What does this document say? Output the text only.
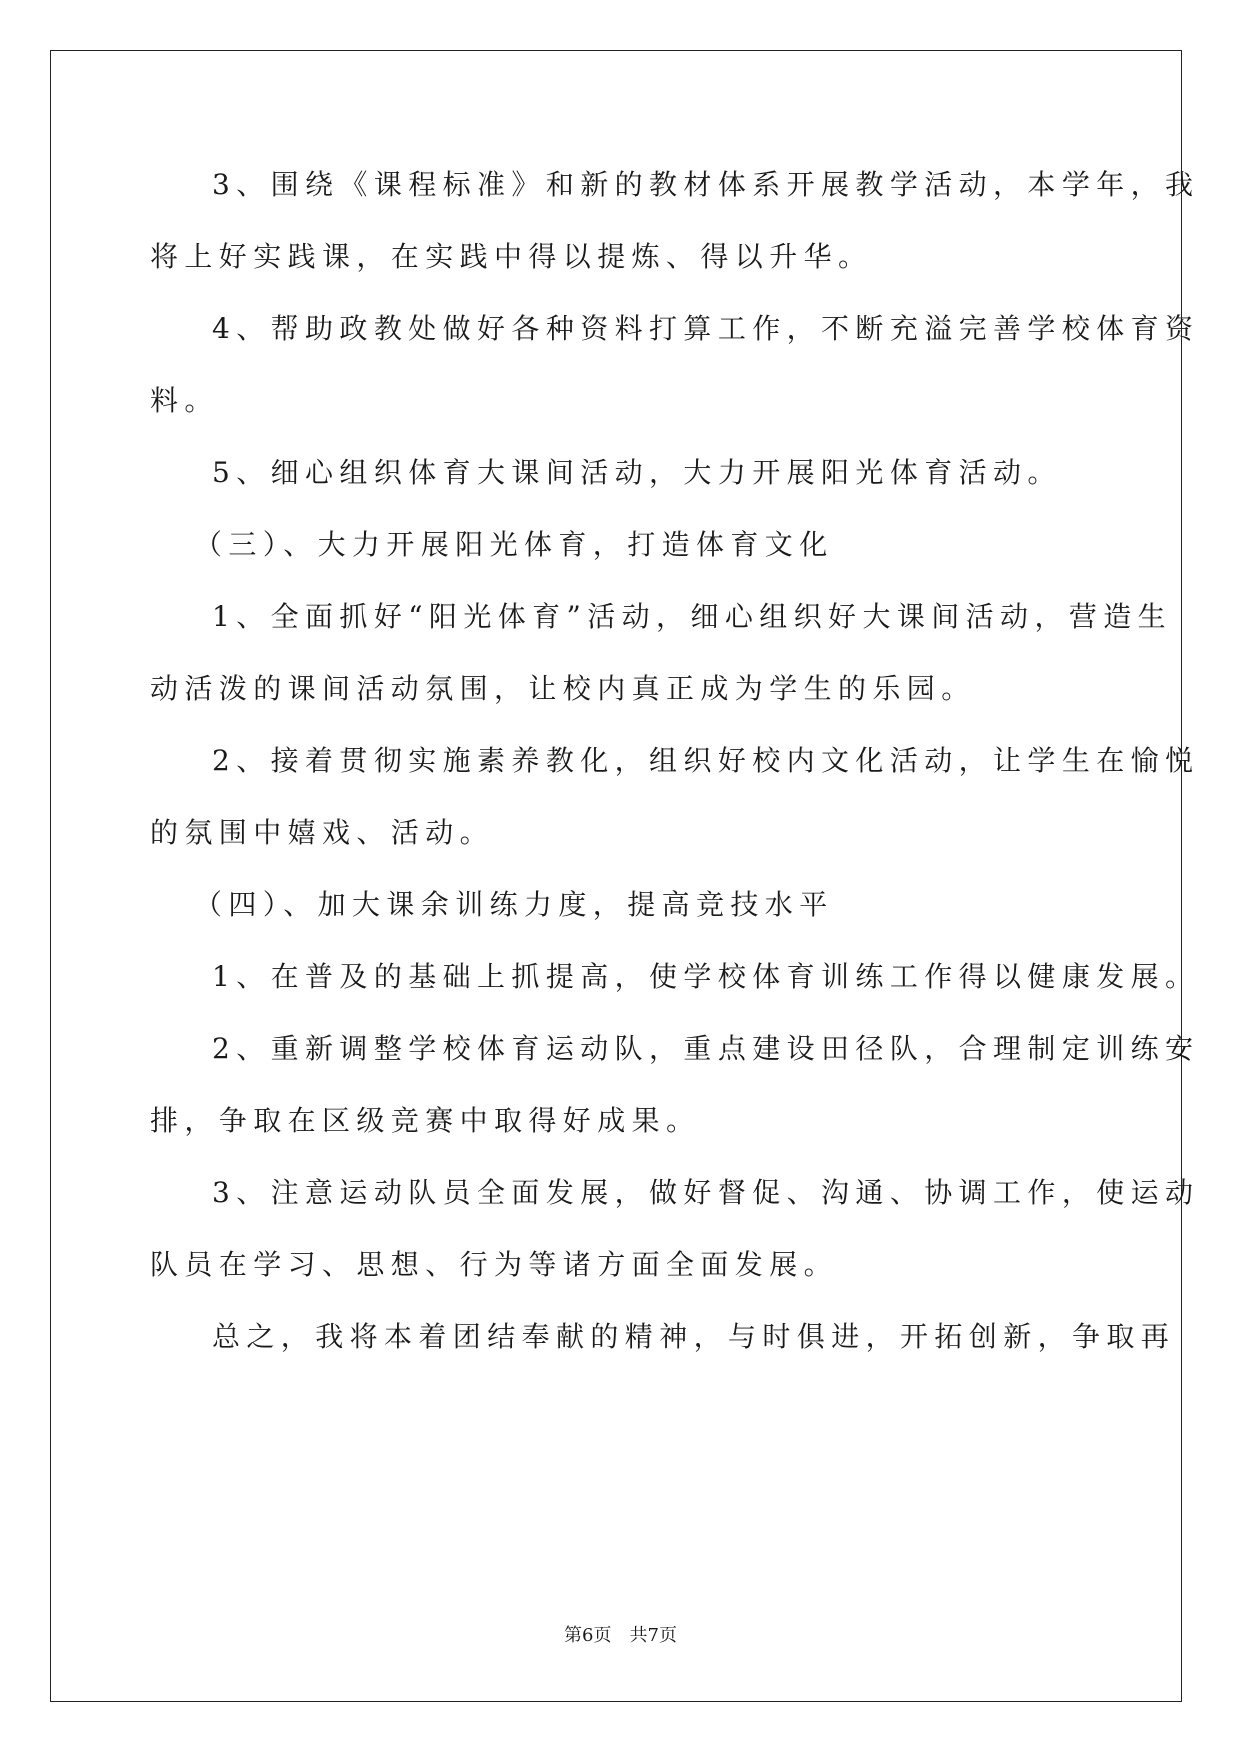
3、围绕《课程标准》和新的教材体系开展教学活动，本学年，我
将上好实践课，在实践中得以提炼、得以升华。
4、帮助政教处做好各种资料打算工作，不断充溢完善学校体育资
料。
5、细心组织体育大课间活动，大力开展阳光体育活动。
（三）、大力开展阳光体育，打造体育文化
1、全面抓好“阳光体育”活动，细心组织好大课间活动，营造生
动活泼的课间活动氛围，让校内真正成为学生的乐园。
2、接着贯彻实施素养教化，组织好校内文化活动，让学生在愉悦
的氛围中嬉戏、活动。
（四）、加大课余训练力度，提高竞技水平
1、在普及的基础上抓提高，使学校体育训练工作得以健康发展。
2、重新调整学校体育运动队，重点建设田径队，合理制定训练安
排，争取在区级竞赛中取得好成果。
3、注意运动队员全面发展，做好督促、沟通、协调工作，使运动
队员在学习、思想、行为等诸方面全面发展。
总之，我将本着团结奉献的精神，与时俱进，开拓创新，争取再
第6页　共7页
